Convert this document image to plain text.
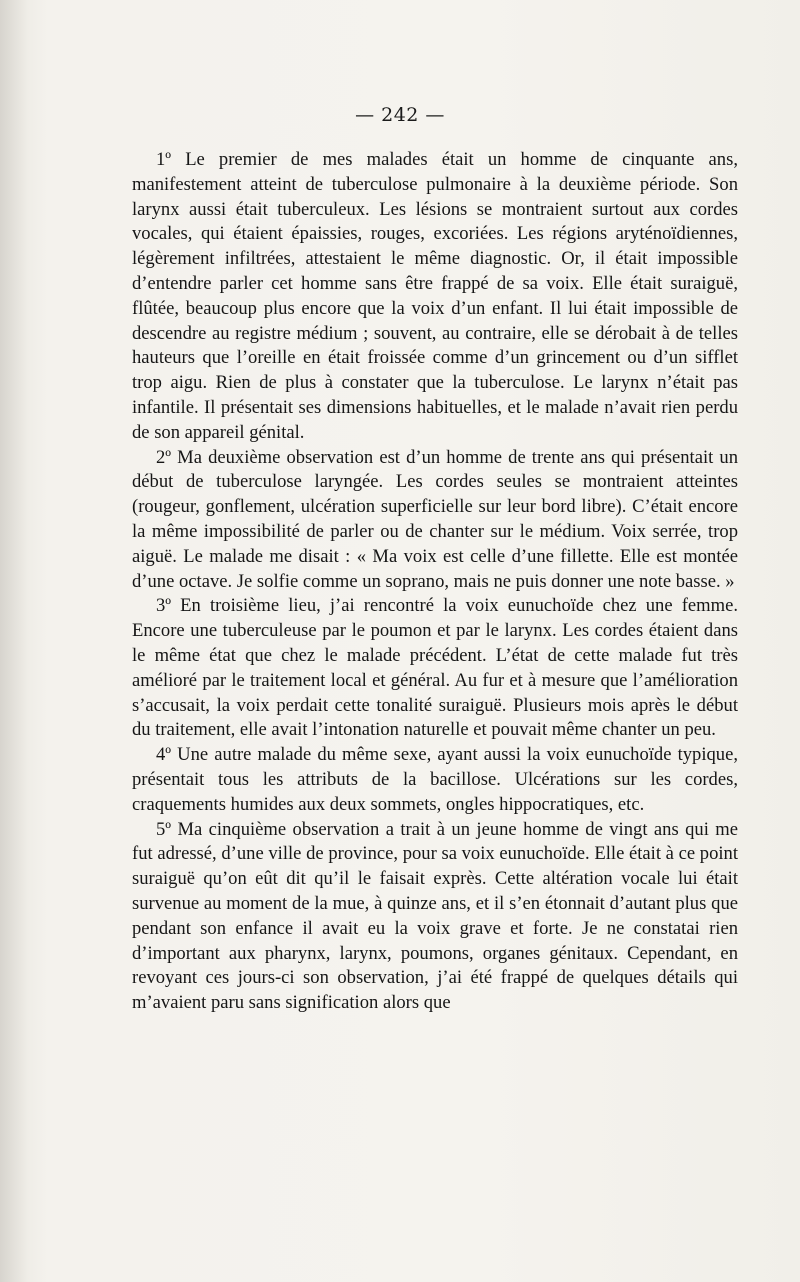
— 242 —

1º Le premier de mes malades était un homme de cinquante ans, manifestement atteint de tuberculose pulmonaire à la deuxième période. Son larynx aussi était tuberculeux. Les lésions se montraient surtout aux cordes vocales, qui étaient épaissies, rouges, excoriées. Les régions aryténoïdiennes, légèrement infiltrées, attestaient le même diagnostic. Or, il était impossible d’entendre parler cet homme sans être frappé de sa voix. Elle était suraiguë, flûtée, beaucoup plus encore que la voix d’un enfant. Il lui était impossible de descendre au registre médium ; souvent, au contraire, elle se dérobait à de telles hauteurs que l’oreille en était froissée comme d’un grincement ou d’un sifflet trop aigu. Rien de plus à constater que la tuberculose. Le larynx n’était pas infantile. Il présentait ses dimensions habituelles, et le malade n’avait rien perdu de son appareil génital.

2º Ma deuxième observation est d’un homme de trente ans qui présentait un début de tuberculose laryngée. Les cordes seules se montraient atteintes (rougeur, gonflement, ulcération superficielle sur leur bord libre). C’était encore la même impossibilité de parler ou de chanter sur le médium. Voix serrée, trop aiguë. Le malade me disait : « Ma voix est celle d’une fillette. Elle est montée d’une octave. Je solfie comme un soprano, mais ne puis donner une note basse. »

3º En troisième lieu, j’ai rencontré la voix eunuchoïde chez une femme. Encore une tuberculeuse par le poumon et par le larynx. Les cordes étaient dans le même état que chez le malade précédent. L’état de cette malade fut très amélioré par le traitement local et général. Au fur et à mesure que l’amélioration s’accusait, la voix perdait cette tonalité suraiguë. Plusieurs mois après le début du traitement, elle avait l’intonation naturelle et pouvait même chanter un peu.

4º Une autre malade du même sexe, ayant aussi la voix eunuchoïde typique, présentait tous les attributs de la bacillose. Ulcérations sur les cordes, craquements humides aux deux sommets, ongles hippocratiques, etc.

5º Ma cinquième observation a trait à un jeune homme de vingt ans qui me fut adressé, d’une ville de province, pour sa voix eunuchoïde. Elle était à ce point suraiguë qu’on eût dit qu’il le faisait exprès. Cette altération vocale lui était survenue au moment de la mue, à quinze ans, et il s’en étonnait d’autant plus que pendant son enfance il avait eu la voix grave et forte. Je ne constatai rien d’important aux pharynx, larynx, poumons, organes génitaux. Cependant, en revoyant ces jours-ci son observation, j’ai été frappé de quelques détails qui m’avaient paru sans signification alors que
